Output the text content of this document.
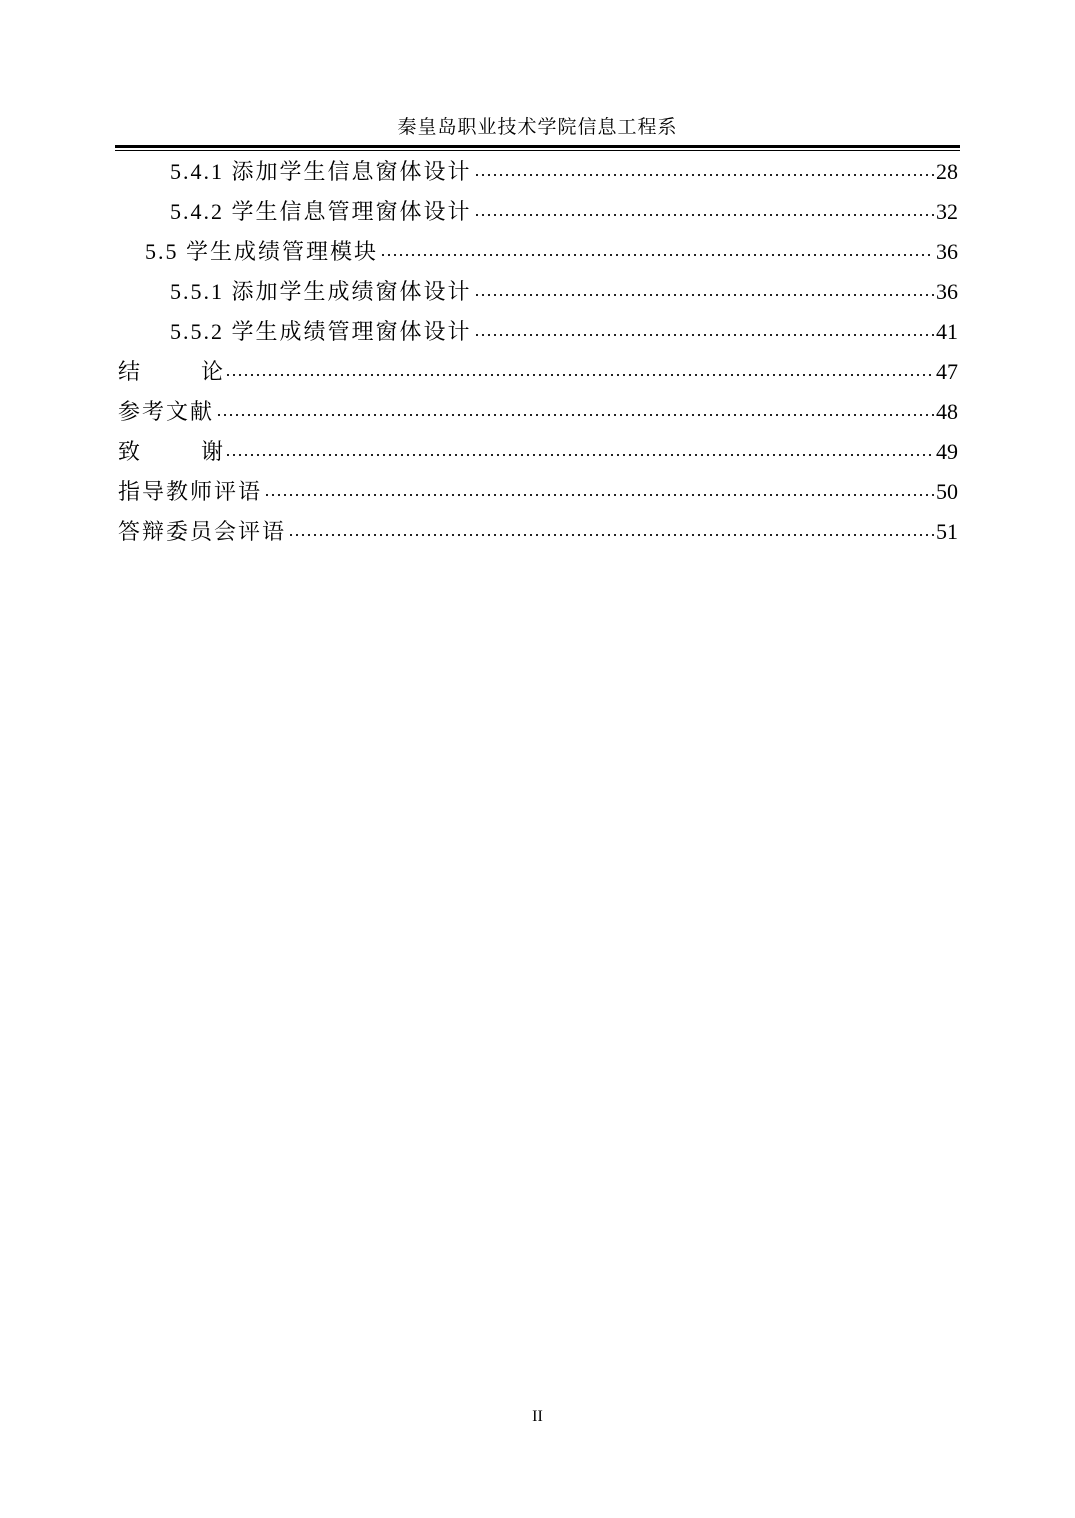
秦皇岛职业技术学院信息工程系
5.4.1 添加学生信息窗体设计	28
5.4.2 学生信息管理窗体设计	32
5.5 学生成绩管理模块	36
5.5.1 添加学生成绩窗体设计	36
5.5.2 学生成绩管理窗体设计	41
结	论	47
参考文献	48
致	谢	49
指导教师评语	50
答辩委员会评语	51
II
